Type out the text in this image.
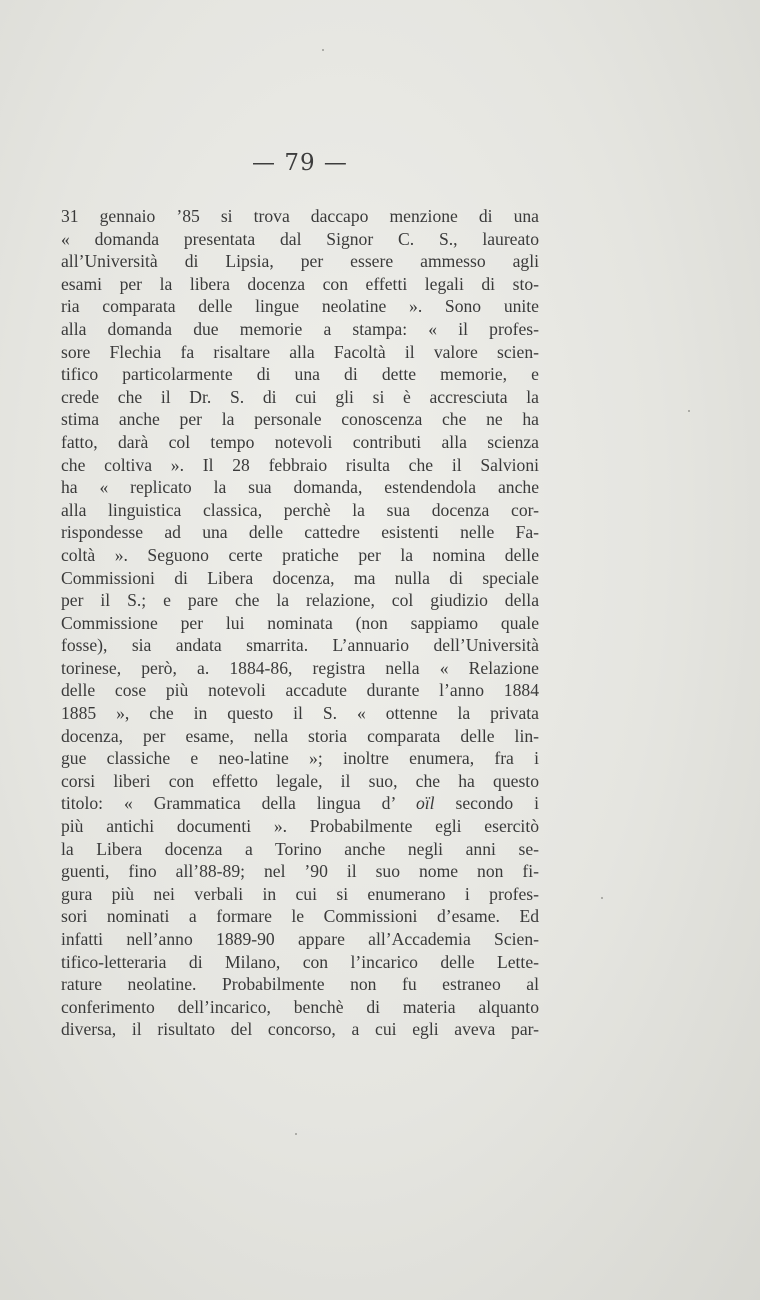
— 79 —
31 gennaio ’85 si trova daccapo menzione di una
« domanda presentata dal Signor C. S., laureato
all’Università di Lipsia, per essere ammesso agli
esami per la libera docenza con effetti legali di sto-
ria comparata delle lingue neolatine ». Sono unite
alla domanda due memorie a stampa: « il profes-
sore Flechia fa risaltare alla Facoltà il valore scien-
tifico particolarmente di una di dette memorie, e
crede che il Dr. S. di cui gli si è accresciuta la
stima anche per la personale conoscenza che ne ha
fatto, darà col tempo notevoli contributi alla scienza
che coltiva ». Il 28 febbraio risulta che il Salvioni
ha « replicato la sua domanda, estendendola anche
alla linguistica classica, perchè la sua docenza cor-
rispondesse ad una delle cattedre esistenti nelle Fa-
coltà ». Seguono certe pratiche per la nomina delle
Commissioni di Libera docenza, ma nulla di speciale
per il S.; e pare che la relazione, col giudizio della
Commissione per lui nominata (non sappiamo quale
fosse), sia andata smarrita. L’annuario dell’Università
torinese, però, a. 1884-86, registra nella « Relazione
delle cose più notevoli accadute durante l’anno 1884
1885 », che in questo il S. « ottenne la privata
docenza, per esame, nella storia comparata delle lin-
gue classiche e neo-latine »; inoltre enumera, fra i
corsi liberi con effetto legale, il suo, che ha questo
titolo: « Grammatica della lingua d’ oïl secondo i
più antichi documenti ». Probabilmente egli esercitò
la Libera docenza a Torino anche negli anni se-
guenti, fino all’88-89; nel ’90 il suo nome non fi-
gura più nei verbali in cui si enumerano i profes-
sori nominati a formare le Commissioni d’esame. Ed
infatti nell’anno 1889-90 appare all’Accademia Scien-
tifico-letteraria di Milano, con l’incarico delle Lette-
rature neolatine. Probabilmente non fu estraneo al
conferimento dell’incarico, benchè di materia alquanto
diversa, il risultato del concorso, a cui egli aveva par-
